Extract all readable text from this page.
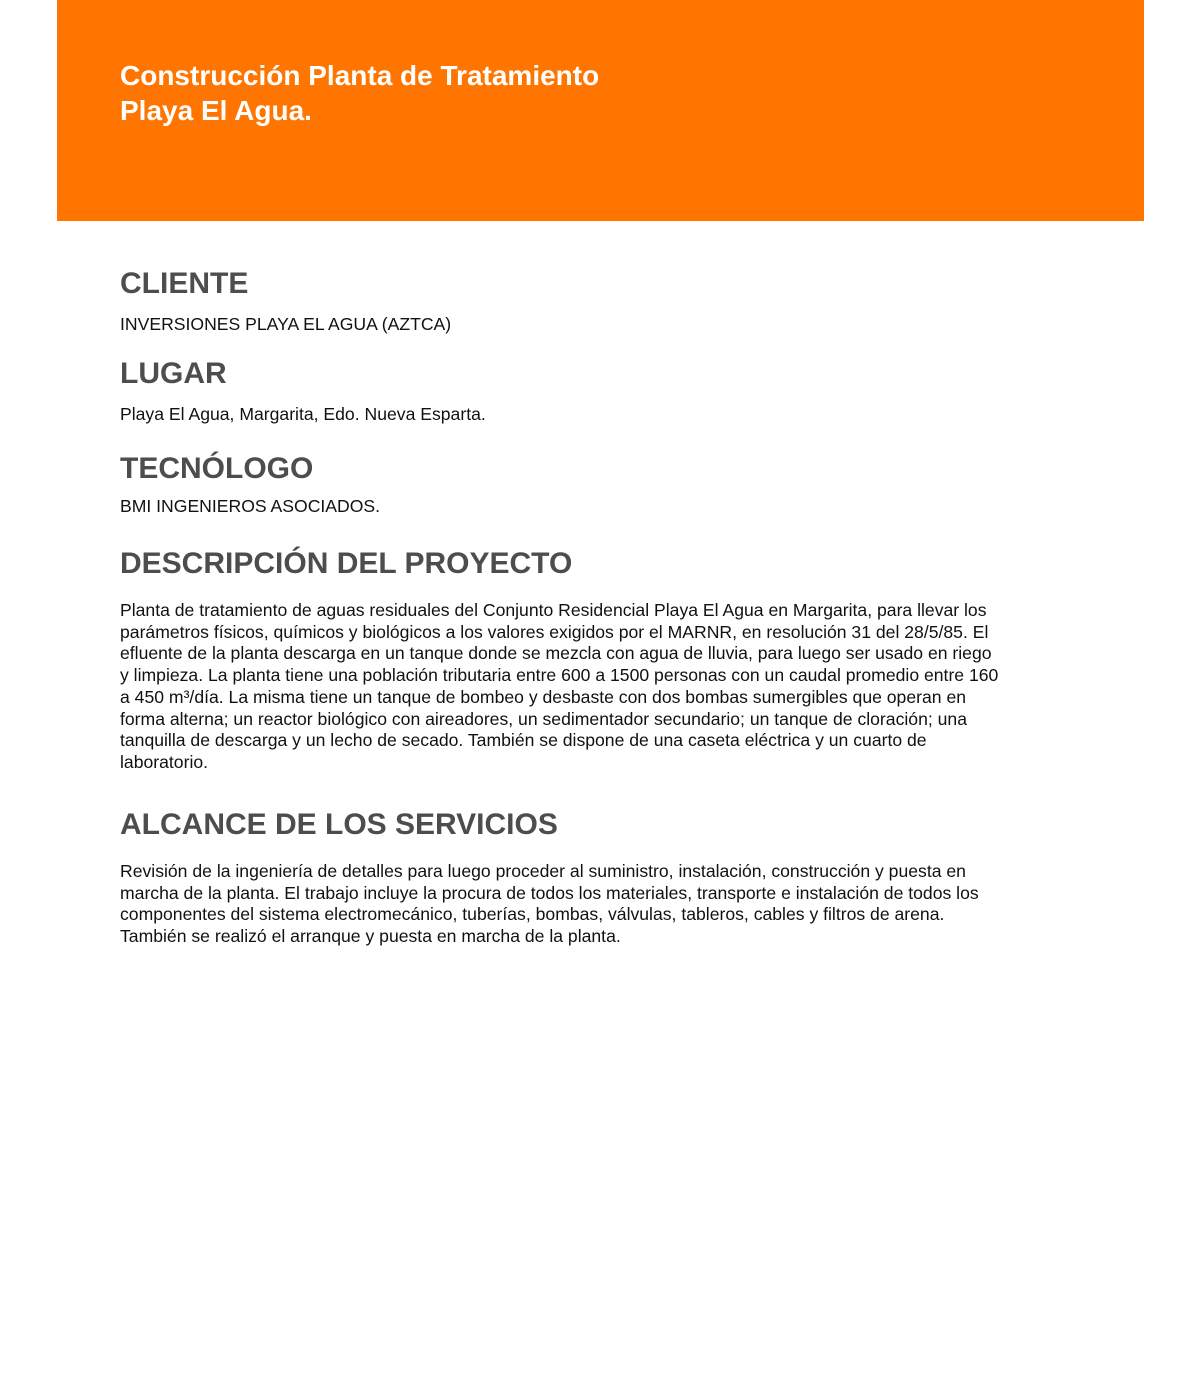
Construcción Planta de Tratamiento
Playa El Agua.
CLIENTE

INVERSIONES PLAYA EL AGUA (AZTCA)

LUGAR

Playa El Agua, Margarita, Edo. Nueva Esparta.

TECNÓLOGO

BMI INGENIEROS ASOCIADOS.

DESCRIPCIÓN DEL PROYECTO

Planta de tratamiento de aguas residuales del Conjunto Residencial Playa El Agua en Margarita, para llevar los parámetros físicos, químicos y biológicos a los valores exigidos por el MARNR, en resolución 31 del 28/5/85. El efluente de la planta descarga en un tanque donde se mezcla con agua de lluvia, para luego ser usado en riego y limpieza. La planta tiene una población tributaria entre 600 a 1500 personas con un caudal promedio entre 160 a 450 m³/día. La misma tiene un tanque de bombeo y desbaste con dos bombas sumergibles que operan en forma alterna; un reactor biológico con aireadores, un sedimentador secundario; un tanque de cloración; una tanquilla de descarga y un lecho de secado. También se dispone de una caseta eléctrica y un cuarto de laboratorio.

ALCANCE DE LOS SERVICIOS

Revisión de la ingeniería de detalles para luego proceder al suministro, instalación, construcción y puesta en marcha de la planta. El trabajo incluye la procura de todos los materiales, transporte e instalación de todos los componentes del sistema electromecánico, tuberías, bombas, válvulas, tableros, cables y filtros de arena. También se realizó el arranque y puesta en marcha de la planta.
